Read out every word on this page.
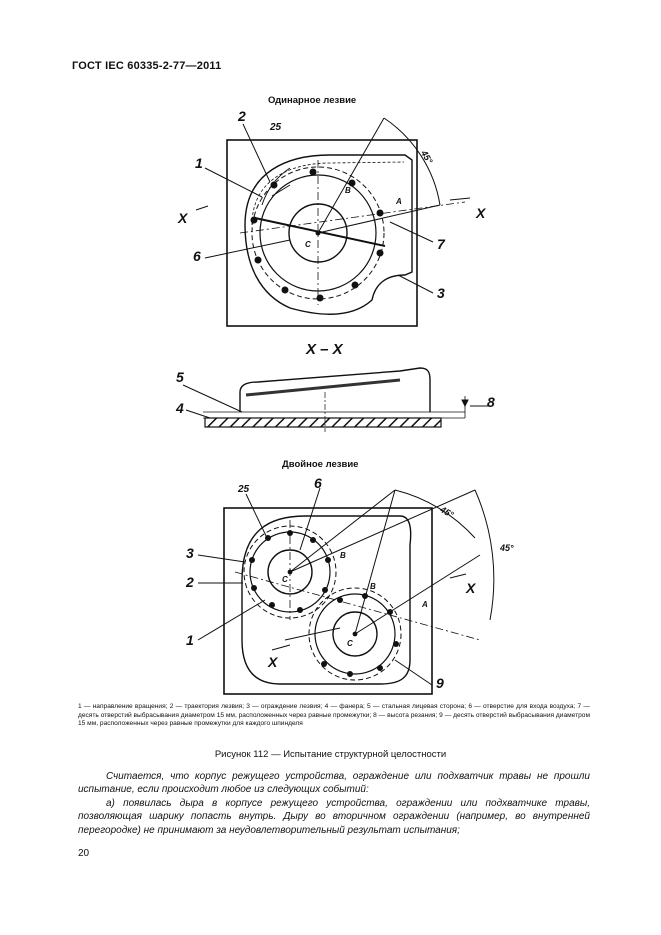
ГОСТ IEC 60335-2-77—2011
Одинарное лезвие
Двойное лезвие
2
25
1
X
6
7
3
X
45°
A
B
C
X – X
5
4	8
25	6
3
2
1
9
X
X
45°
45°
A
B
B
C
C
1 — направление вращения; 2 — траектория лезвия; 3 — ограждение лезвия; 4 — фанера; 5 — стальная лицевая сторона; 6 — отверстие для входа воздуха; 7 — десять отверстий выбрасывания диаметром 15 мм, расположенных через равные промежутки; 8 — высота резания; 9 — десять отверстий выбрасывания диаметром 15 мм, расположенных через равные промежутки для каждого шпинделя
Рисунок 112 — Испытание структурной целостности
Считается, что корпус режущего устройства, ограждение или подхватчик травы не прошли испытание, если происходит любое из следующих событий:
а) появилась дыра в корпусе режущего устройства, ограждении или подхватчике травы, позволяющая шарику попасть внутрь. Дыру во вторичном ограждении (например, во внутренней перегородке) не принимают за неудовлетворительный результат испытания;
20
